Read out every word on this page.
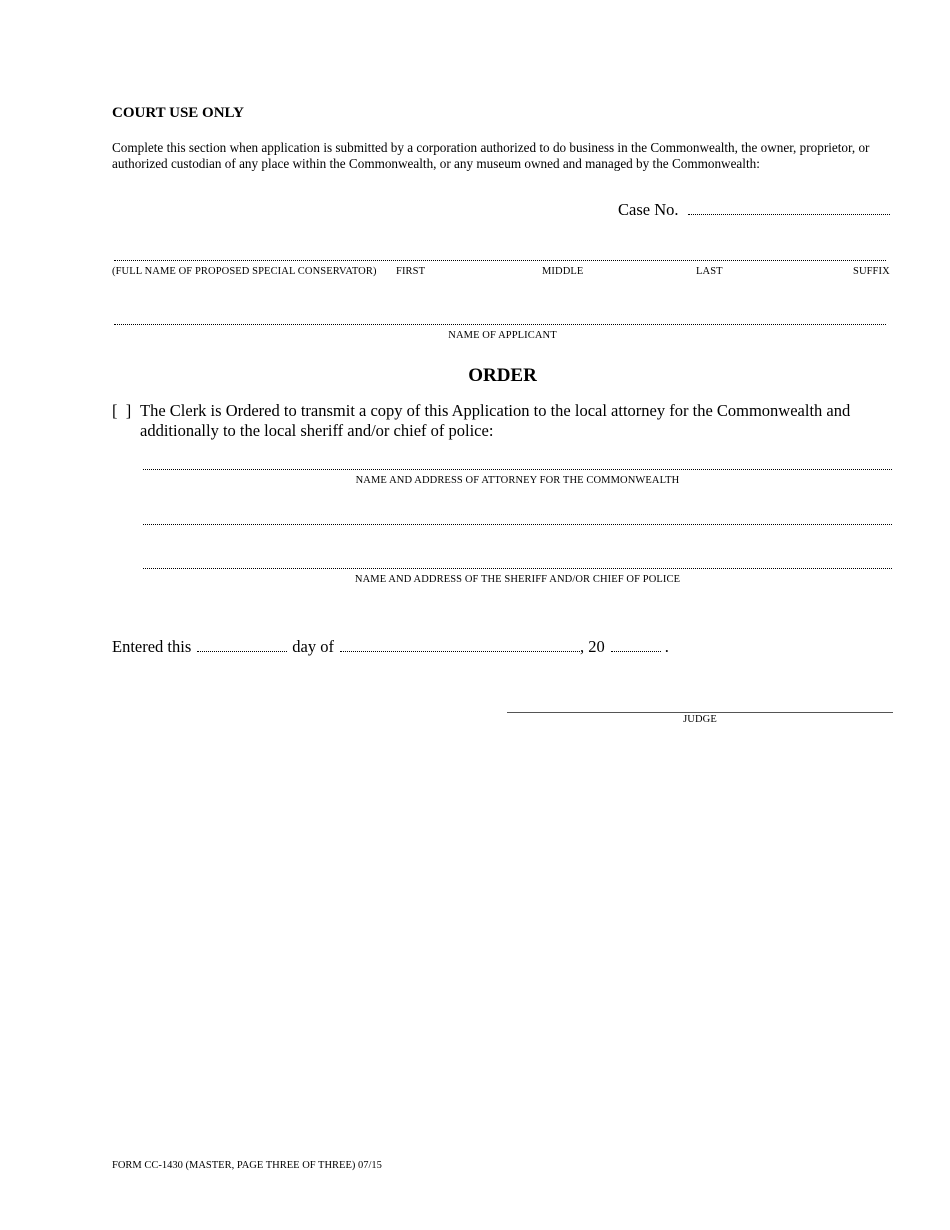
COURT USE ONLY
Complete this section when application is submitted by a corporation authorized to do business in the Commonwealth, the owner, proprietor, or authorized custodian of any place within the Commonwealth, or any museum owned and managed by the Commonwealth:
Case No.
(FULL NAME OF PROPOSED SPECIAL CONSERVATOR) FIRST	MIDDLE	LAST	SUFFIX
NAME OF APPLICANT
ORDER
[  ] The Clerk is Ordered to transmit a copy of this Application to the local attorney for the Commonwealth and additionally to the local sheriff and/or chief of police:
NAME AND ADDRESS OF ATTORNEY FOR THE COMMONWEALTH
NAME AND ADDRESS OF THE SHERIFF AND/OR CHIEF OF POLICE
Entered this	day of	, 20	.
JUDGE
FORM CC-1430 (MASTER, PAGE THREE OF THREE) 07/15
